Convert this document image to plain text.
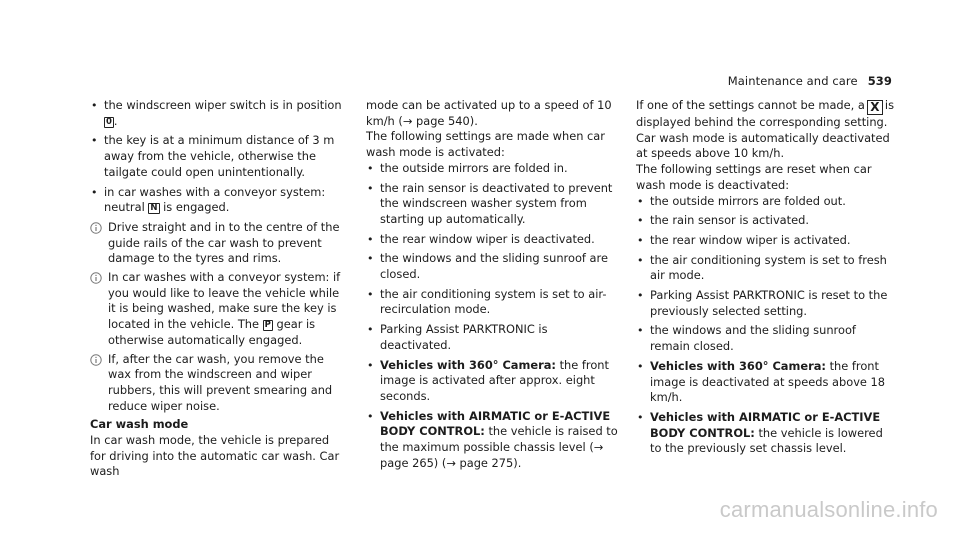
Maintenance and care 539
• the windscreen wiper switch is in position
0 .
• the key is at a minimum distance of 3 m away from the vehicle, otherwise the tailgate could open unintentionally.
• in car washes with a conveyor system: neutral N is engaged.
Drive straight and in to the centre of the guide rails of the car wash to prevent damage to the tyres and rims.
In car washes with a conveyor system: if you would like to leave the vehicle while it is being washed, make sure the key is located in the vehicle. The P gear is otherwise automatically engaged.
If, after the car wash, you remove the wax from the windscreen and wiper rubbers, this will prevent smearing and reduce wiper noise.

Car wash mode

In car wash mode, the vehicle is prepared for driving into the automatic car wash. Car wash

mode can be activated up to a speed of 10 km/h (→ page 540).

The following settings are made when car wash mode is activated:

• the outside mirrors are folded in.
• the rain sensor is deactivated to prevent the windscreen washer system from starting up automatically.
• the rear window wiper is deactivated.
• the windows and the sliding sunroof are closed.
• the air conditioning system is set to air-recirculation mode.
• Parking Assist PARKTRONIC is deactivated.
• Vehicles with 360° Camera: the front image is activated after approx. eight seconds.
• Vehicles with AIRMATIC or E-ACTIVE BODY CONTROL: the vehicle is raised to the maximum possible chassis level (→ page 265) (→ page 275).

If one of the settings cannot be made, a X is displayed behind the corresponding setting.

Car wash mode is automatically deactivated at speeds above 10 km/h.

The following settings are reset when car wash mode is deactivated:

• the outside mirrors are folded out.
• the rain sensor is activated.
• the rear window wiper is activated.
• the air conditioning system is set to fresh air mode.
• Parking Assist PARKTRONIC is reset to the previously selected setting.
• the windows and the sliding sunroof remain closed.
• Vehicles with 360° Camera: the front image is deactivated at speeds above 18 km/h.
• Vehicles with AIRMATIC or E-ACTIVE BODY CONTROL: the vehicle is lowered to the previously set chassis level.
carmanualsonline.info
